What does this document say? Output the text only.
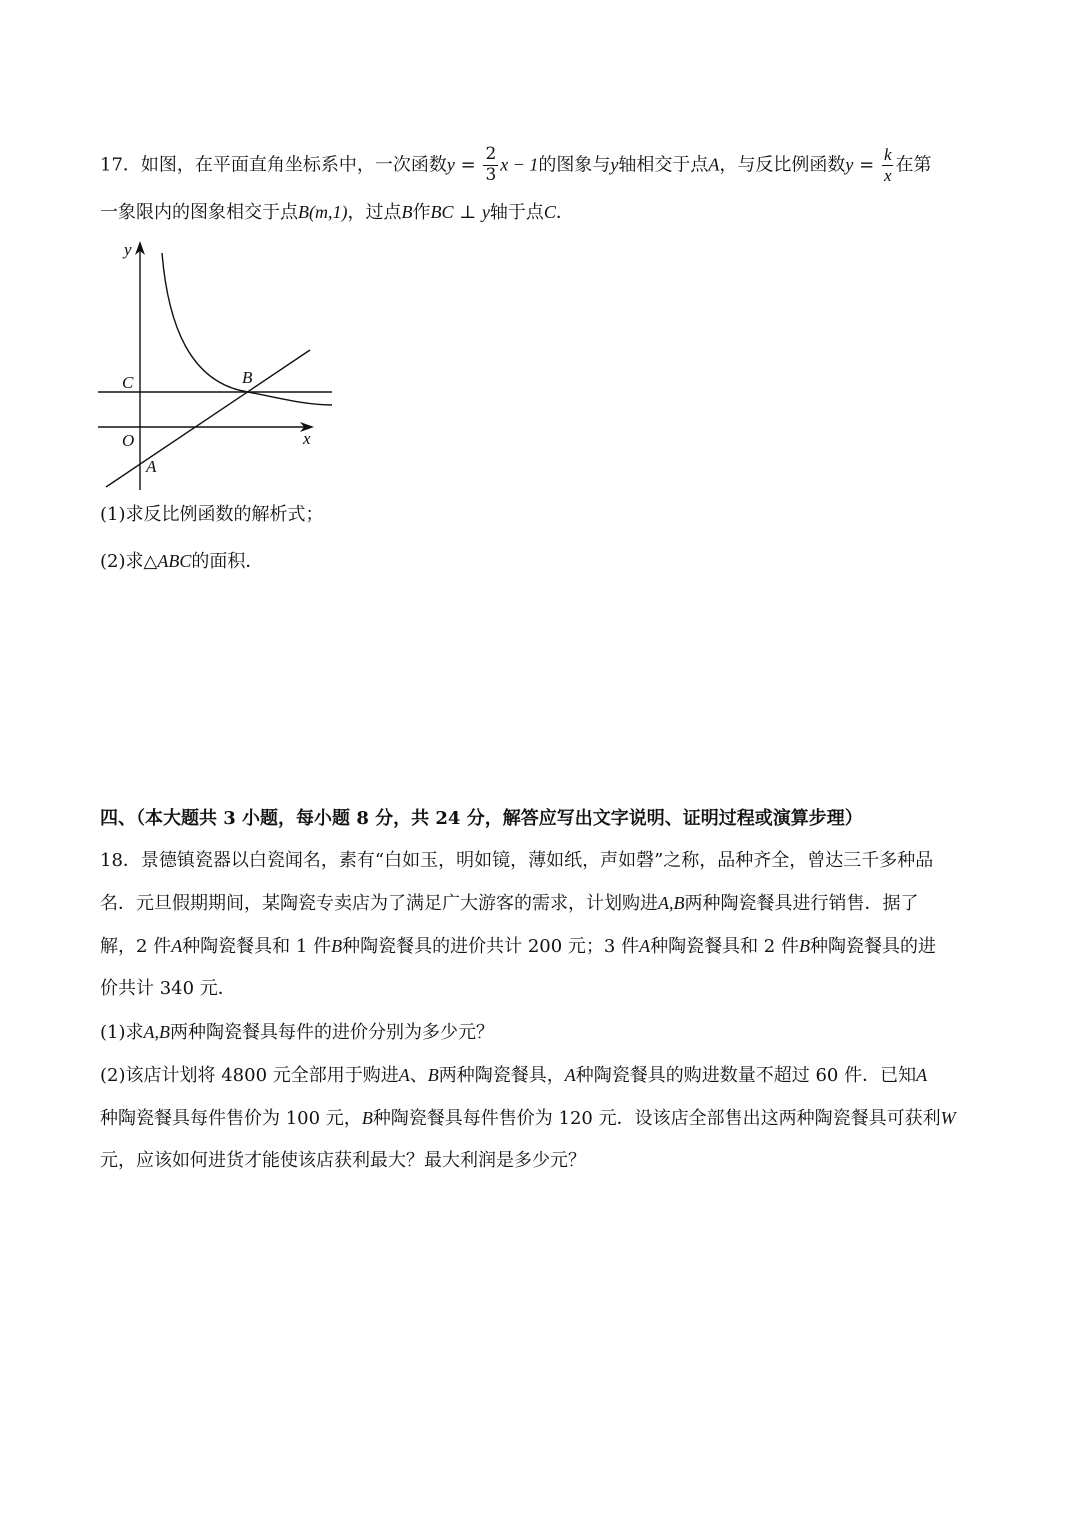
17．如图，在平面直角坐标系中，一次函数$y = \frac{2}{3}$ x − 1的图象与y轴相交于点A，与反比例函数$y = \frac{k}{x}$ 在第
一象限内的图象相交于点B(m,1)，过点B作BC ⊥ y轴于点C．
y
x
O
A
B
C
(1)求反比例函数的解析式；
(2)求△ABC的面积．
四、（本大题共 3 小题，每小题 8 分，共 24 分，解答应写出文字说明、证明过程或演算步理）
18．景德镇瓷器以白瓷闻名，素有“白如玉，明如镜，薄如纸，声如磬”之称，品种齐全，曾达三千多种品
名．元旦假期期间，某陶瓷专卖店为了满足广大游客的需求，计划购进A,B两种陶瓷餐具进行销售．据了
解，2 件A种陶瓷餐具和 1 件B种陶瓷餐具的进价共计 200 元；3 件A种陶瓷餐具和 2 件B种陶瓷餐具的进
价共计 340 元．
(1)求A,B两种陶瓷餐具每件的进价分别为多少元？
(2)该店计划将 4800 元全部用于购进A、B两种陶瓷餐具，A种陶瓷餐具的购进数量不超过 60 件．已知A
种陶瓷餐具每件售价为 100 元，B种陶瓷餐具每件售价为 120 元．设该店全部售出这两种陶瓷餐具可获利W
元，应该如何进货才能使该店获利最大？最大利润是多少元？
